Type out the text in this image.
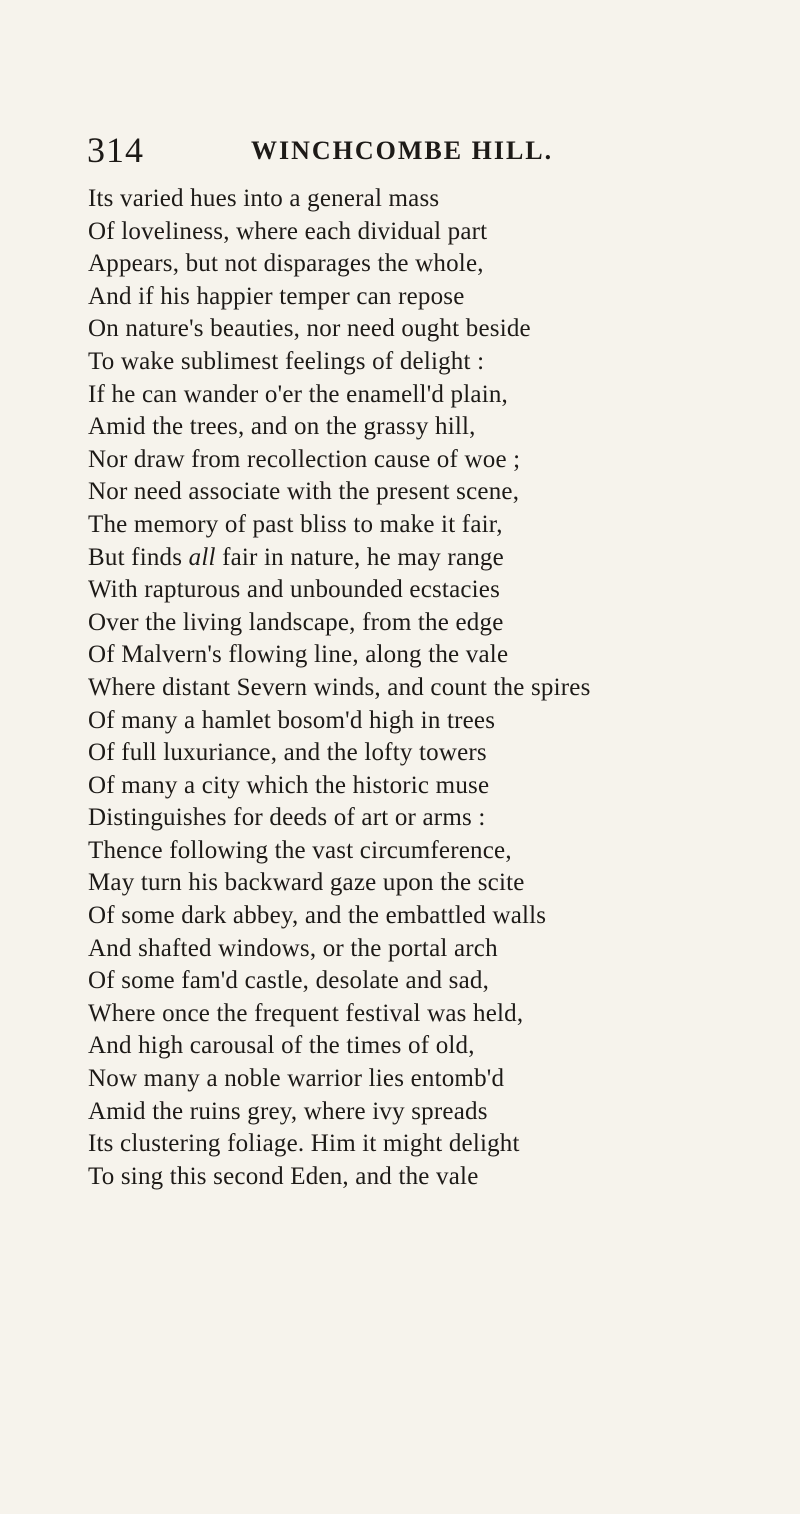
314	WINCHCOMBE HILL.
Its varied hues into a general mass
Of loveliness, where each dividual part
Appears, but not disparages the whole,
And if his happier temper can repose
On nature's beauties, nor need ought beside
To wake sublimest feelings of delight :
If he can wander o'er the enamell'd plain,
Amid the trees, and on the grassy hill,
Nor draw from recollection cause of woe ;
Nor need associate with the present scene,
The memory of past bliss to make it fair,
But finds all fair in nature, he may range
With rapturous and unbounded ecstacies
Over the living landscape, from the edge
Of Malvern's flowing line, along the vale
Where distant Severn winds, and count the spires
Of many a hamlet bosom'd high in trees
Of full luxuriance, and the lofty towers
Of many a city which the historic muse
Distinguishes for deeds of art or arms :
Thence following the vast circumference,
May turn his backward gaze upon the scite
Of some dark abbey, and the embattled walls
And shafted windows, or the portal arch
Of some fam'd castle, desolate and sad,
Where once the frequent festival was held,
And high carousal of the times of old,
Now many a noble warrior lies entomb'd
Amid the ruins grey, where ivy spreads
Its clustering foliage. Him it might delight
To sing this second Eden, and the vale
